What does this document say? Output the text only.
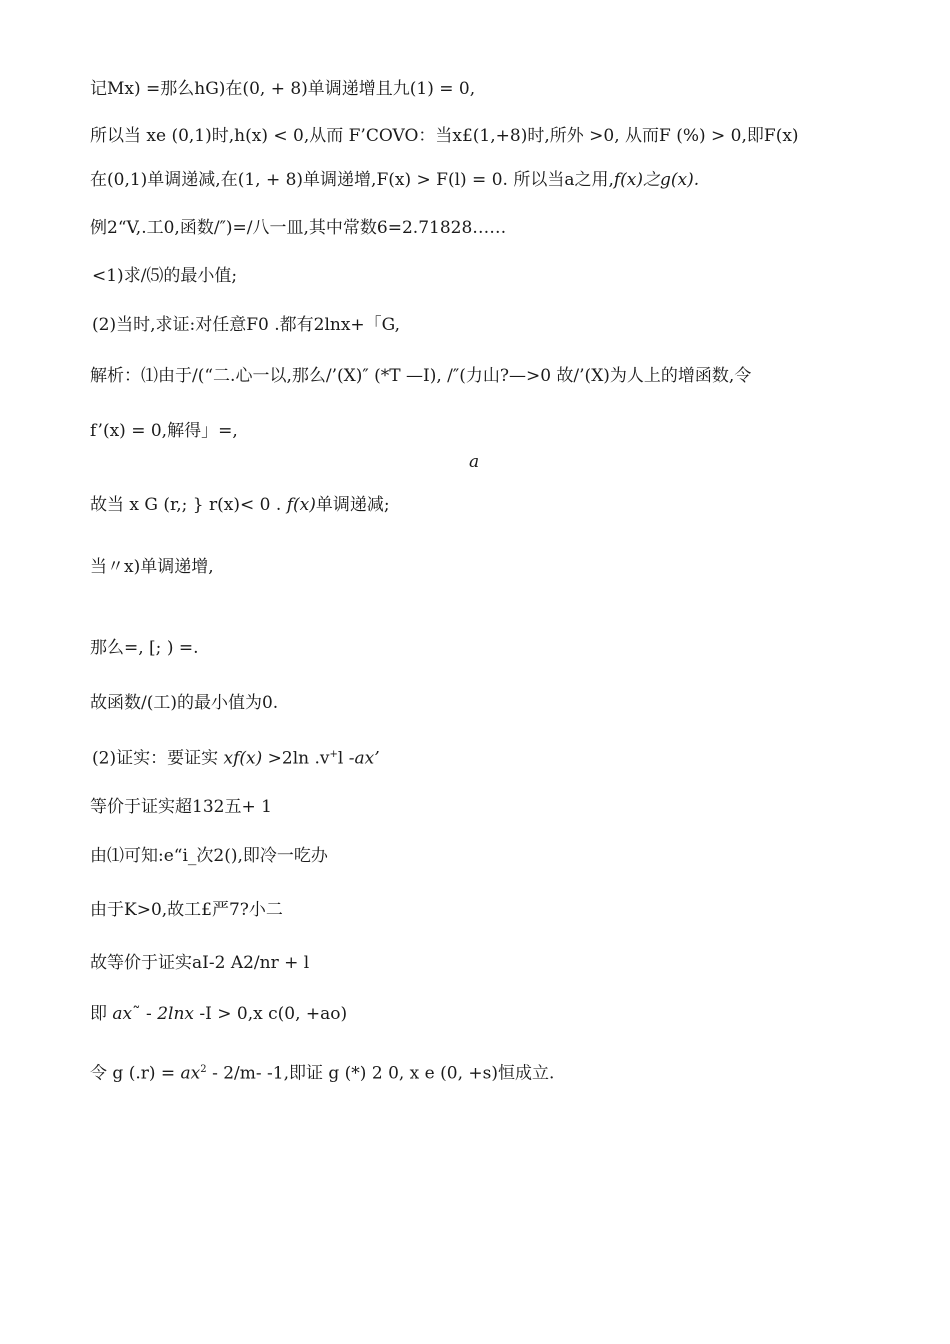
记Mx) =那么hG)在(0, + 8)单调递增且九(1) = 0,
所以当 xe (0,1)时,h(x) < 0,从而 F’COVO：当x£(1,+8)时,所外 >0, 从而F (%) > 0,即F(x)
在(0,1)单调递减,在(1, + 8)单调递增,F(x) > F(l) = 0. 所以当a之用,f(x)之g(x).
例2“V,.工0,函数/″)=/八一皿,其中常数6=2.71828……
<1)求/⑸的最小值;
(2)当时,求证:对任意F0 .都有2lnx+「G,
解析：⑴由于/(“二.心一以,那么/’(X)″ (*T —I), /″(力山?—>0 故/’(X)为人上的增函数,令
f’(x) = 0,解得」=,
a
故当 x G (r,; } r(x)< 0 . f(x)单调递减;
当〃x)单调递增,
那么=, [; ) =.
故函数/(工)的最小值为0.
(2)证实：要证实 xf(x) >2ln .v+l -ax’
等价于证实超132五+ 1
由⑴可知:e“i_次2(),即冷一吃办
由于K>0,故工£严7?小二
故等价于证实aI-2 A2/nr + l
即 ax˜ - 2lnx -I > 0,x c(0, +ao)
令 g $(.r) = ax^2 - 2/m-$ -1,即证 g (*) 2 0, x e (0, +s)恒成立.
